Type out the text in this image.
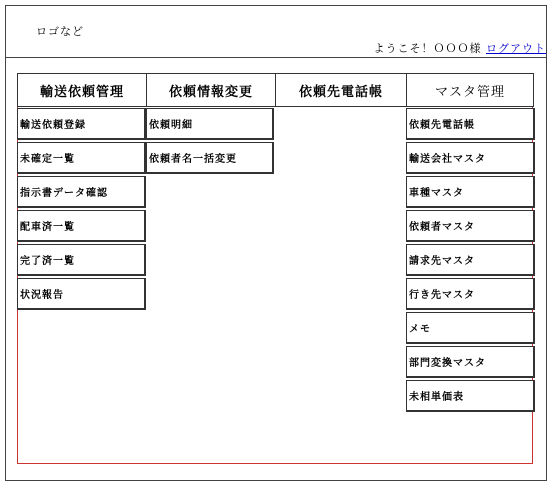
ロゴなど
ようこそ！ＯＯＯ様 ログアウト
輸送依頼管理	依頼情報変更	依頼先電話帳	マスタ管理
輸送依頼登録
未確定一覧
指示書データ確認
配車済一覧
完了済一覧
状況報告
依頼明細
依頼者名一括変更
依頼先電話帳
輸送会社マスタ
車種マスタ
依頼者マスタ
請求先マスタ
行き先マスタ
メモ
部門変換マスタ
未相単価表
